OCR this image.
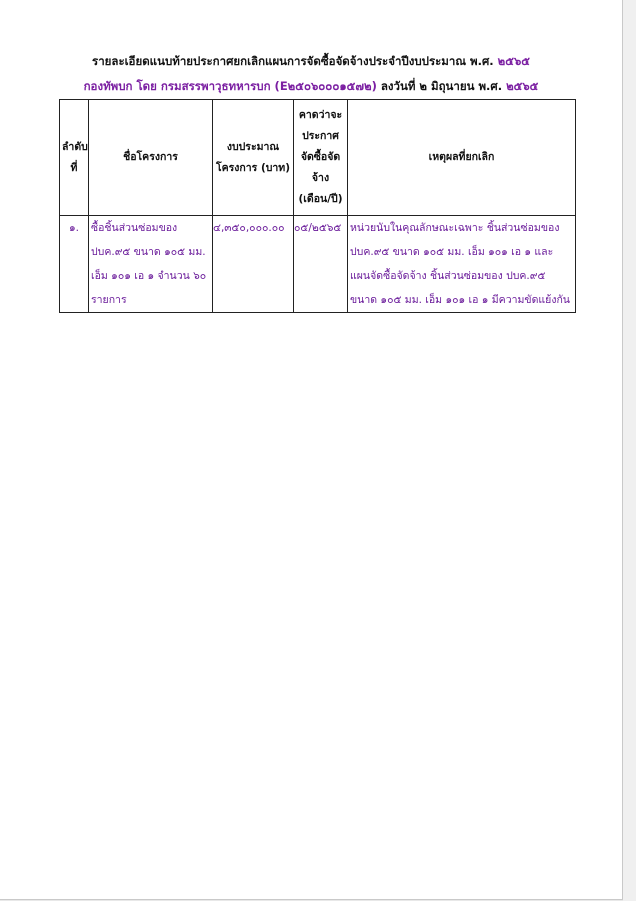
รายละเอียดแนบท้ายประกาศยกเลิกแผนการจัดซื้อจัดจ้างประจำปีงบประมาณ พ.ศ. ๒๕๖๕
กองทัพบก โดย กรมสรรพาวุธทหารบก (E๒๕๐๖๐๐๐๑๕๗๒) ลงวันที่ ๒ มิถุนายน พ.ศ. ๒๕๖๕
ลำดับที่	ชื่อโครงการ	งบประมาณโครงการ (บาท)	คาดว่าจะประกาศจัดซื้อจัดจ้าง (เดือน/ปี)	เหตุผลที่ยกเลิก
๑.	ซื้อชิ้นส่วนซ่อมของ ปบค.๙๕ ขนาด ๑๐๕ มม. เอ็ม ๑๐๑ เอ ๑ จำนวน ๖๐ รายการ	๔,๓๕๐,๐๐๐.๐๐	๐๕/๒๕๖๕	หน่วยนับในคุณลักษณะเฉพาะ ชิ้นส่วนซ่อมของ ปบค.๙๕ ขนาด ๑๐๕ มม. เอ็ม ๑๐๑ เอ ๑ และ แผนจัดซื้อจัดจ้าง ชิ้นส่วนซ่อมของ ปบค.๙๕ ขนาด ๑๐๕ มม. เอ็ม ๑๐๑ เอ ๑ มีความขัดแย้งกัน
